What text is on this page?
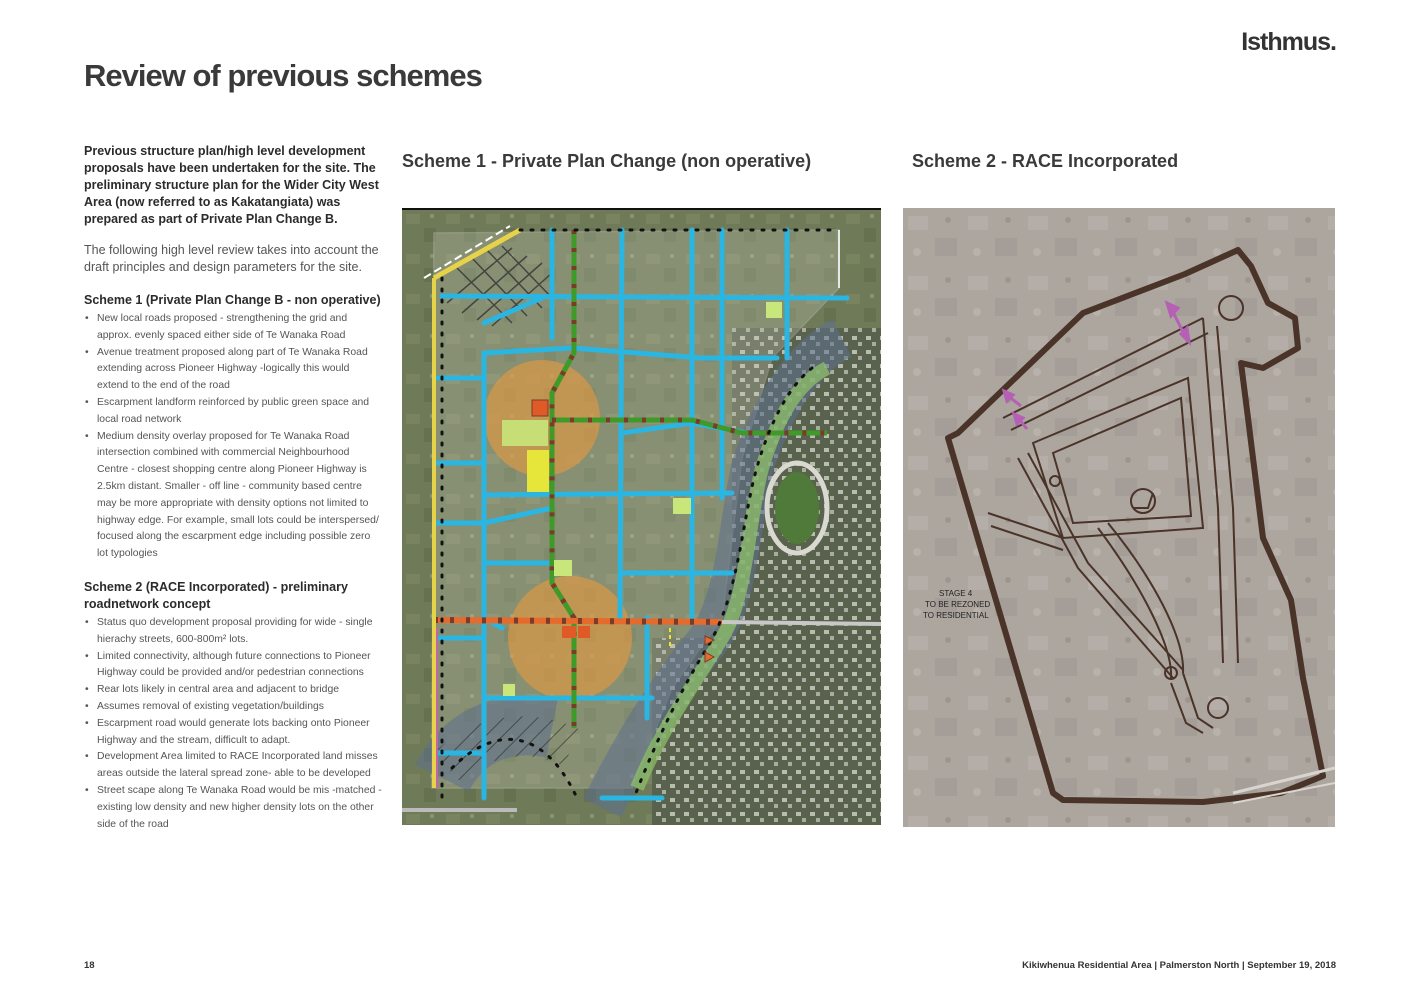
Isthmus.
Review of previous schemes

Previous structure plan/high level development proposals have been undertaken for the site. The preliminary structure plan for the Wider City West Area (now referred to as Kakatangiata) was prepared as part of Private Plan Change B.

The following high level review takes into account the draft principles and design parameters for the site.

Scheme 1 (Private Plan Change B - non operative)
• New local roads proposed - strengthening the grid and approx. evenly spaced either side of Te Wanaka Road
• Avenue treatment proposed along part of Te Wanaka Road extending across Pioneer Highway -logically this would extend to the end of the road
• Escarpment landform reinforced by public green space and local road network
• Medium density overlay proposed for Te Wanaka Road intersection combined with commercial Neighbourhood Centre - closest shopping centre along Pioneer Highway is 2.5km distant. Smaller - off line - community based centre may be more appropriate with density options not limited to highway edge. For example, small lots could be interspersed/ focused along the escarpment edge including possible zero lot typologies
Scheme 2 (RACE Incorporated) - preliminary roadnetwork concept
• Status quo development proposal providing for wide - single hierachy streets, 600-800m² lots.
• Limited connectivity, although future connections to Pioneer Highway could be provided and/or pedestrian connections
• Rear lots likely in central area and adjacent to bridge
• Assumes removal of existing vegetation/buildings
• Escarpment road would generate lots backing onto Pioneer Highway and the stream, difficult to adapt.
• Development Area limited to RACE Incorporated land misses areas outside the lateral spread zone- able to be developed
• Street scape along Te Wanaka Road would be mis -matched - existing low density and new higher density lots on the other side of the road
Scheme 1 - Private Plan Change (non operative)	Scheme 2 - RACE Incorporated
STAGE 4
TO BE REZONED
TO RESIDENTIAL
18	Kikiwhenua Residential Area | Palmerston North | September 19, 2018
